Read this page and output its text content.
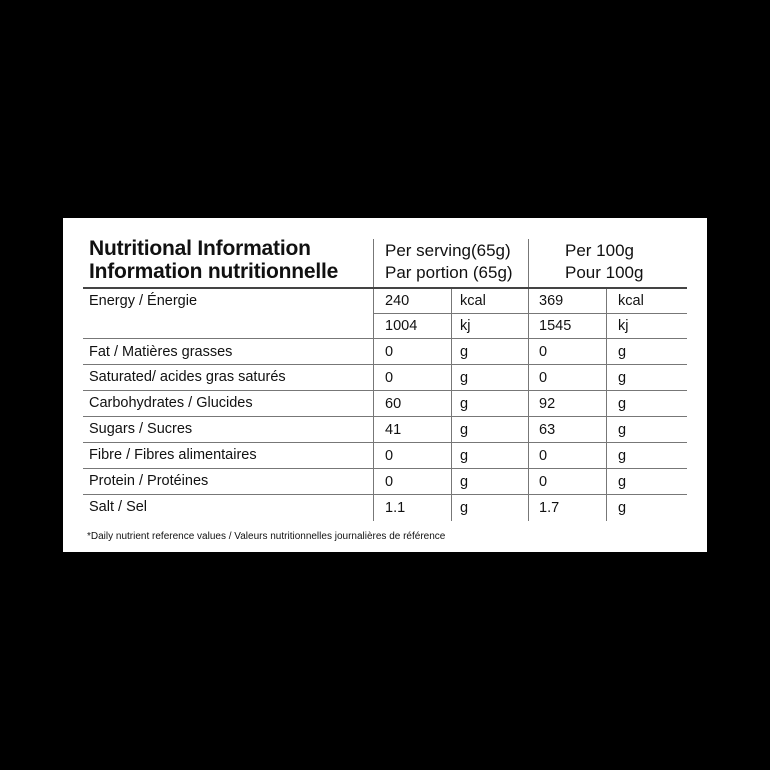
Nutritional Information
Information nutritionnelle
Per serving(65g)
Par portion (65g)
Per 100g
Pour 100g
Energy / Énergie	240	kcal	369	kcal
1004	kj	1545	kj
Fat / Matières grasses	0	g	0	g
Saturated/ acides gras saturés	0	g	0	g
Carbohydrates / Glucides	60	g	92	g
Sugars / Sucres	41	g	63	g
Fibre / Fibres alimentaires	0	g	0	g
Protein / Protéines	0	g	0	g
Salt / Sel	1.1	g	1.7	g
*Daily nutrient reference values / Valeurs nutritionnelles journalières de référence
